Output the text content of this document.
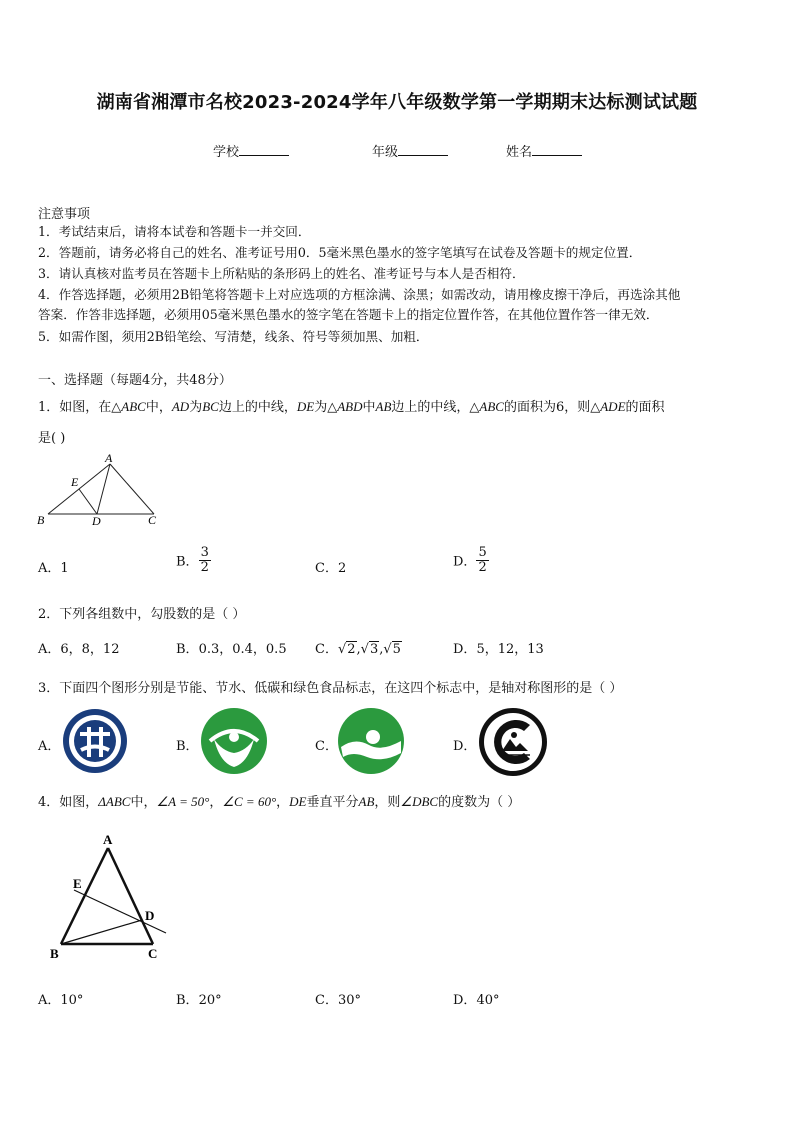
湖南省湘潭市名校2023-2024学年八年级数学第一学期期末达标测试试题
学校	年级	姓名
注意事项
1．考试结束后，请将本试卷和答题卡一并交回．
2．答题前，请务必将自己的姓名、准考证号用0．5毫米黑色墨水的签字笔填写在试卷及答题卡的规定位置．
3．请认真核对监考员在答题卡上所粘贴的条形码上的姓名、准考证号与本人是否相符．
4．作答选择题，必须用2B铅笔将答题卡上对应选项的方框涂满、涂黑；如需改动，请用橡皮擦干净后，再选涂其他
答案．作答非选择题，必须用05毫米黑色墨水的签字笔在答题卡上的指定位置作答，在其他位置作答一律无效．
5．如需作图，须用2B铅笔绘、写清楚，线条、符号等须加黑、加粗．
一、选择题（每题4分，共48分）
1．如图，在△ABC中，AD为BC边上的中线，DE为△ABD中AB边上的中线，△ABC的面积为6，则△ADE的面积
是( )
A
E
B	D	C
A．1	B． $\frac{3}{2}$	C．2	D． $\frac{5}{2}$
2．下列各组数中，勾股数的是（ ）
A．6，8，12	B．0.3，0.4，0.5 C．√2,√3,√5	D．5，12，13
3．下面四个图形分别是节能、节水、低碳和绿色食品标志，在这四个标志中，是轴对称图形的是（ ）
A．	B．	C．	D．
4．如图，ΔABC中，∠A = 50°，∠C = 60°，DE垂直平分AB，则∠DBC的度数为（ ）
A
E
D
B	C
A．10°	B．20°	C．30°	D．40°
